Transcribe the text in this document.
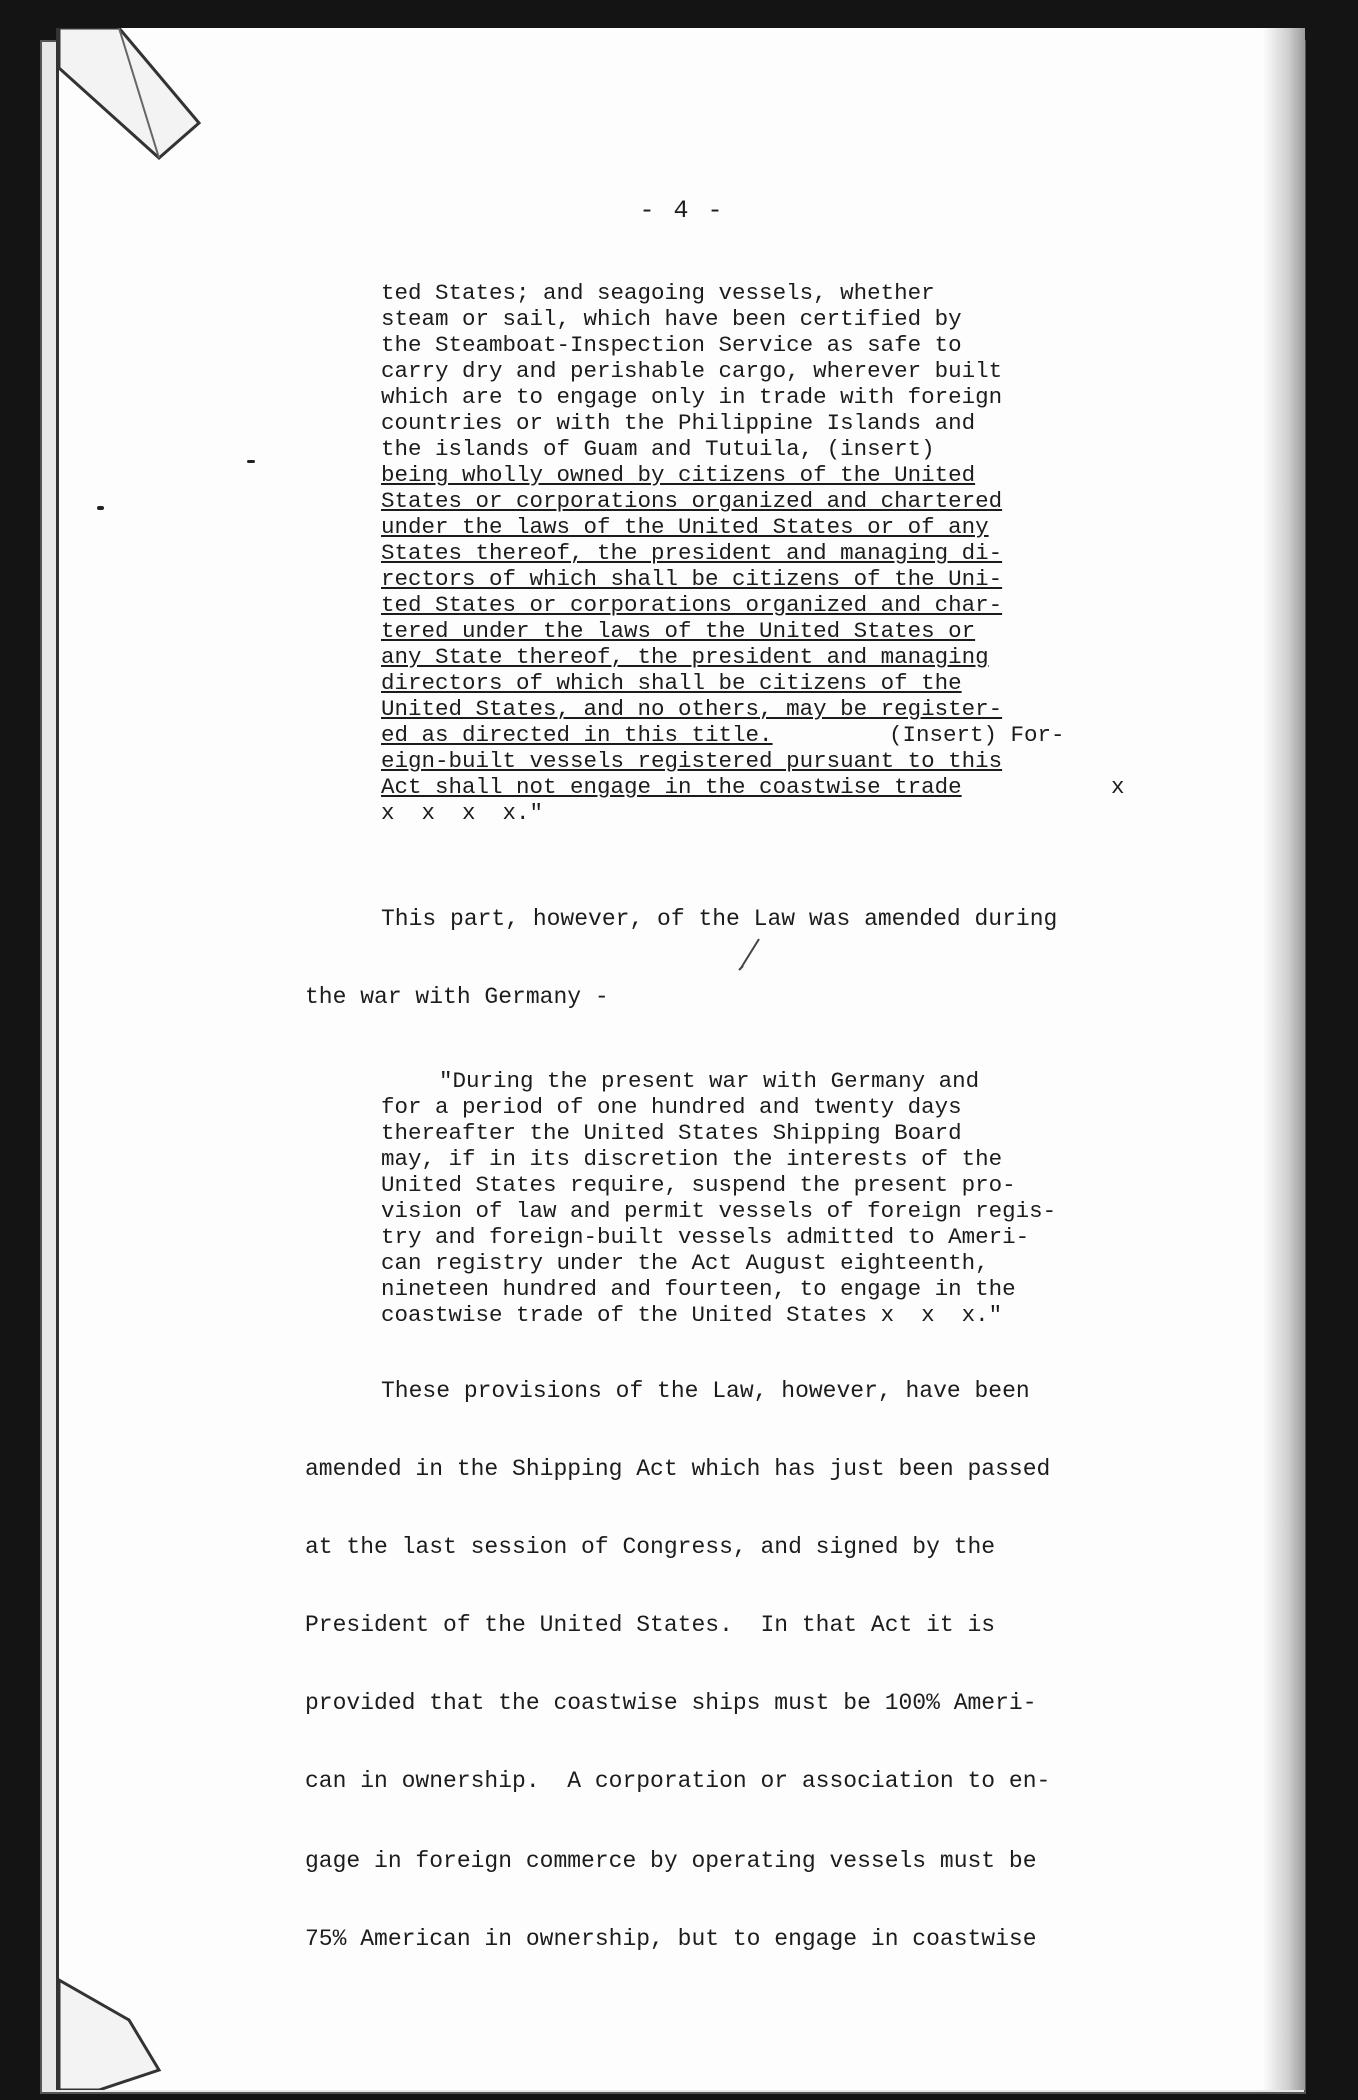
- 4 -
ted States; and seagoing vessels, whether
steam or sail, which have been certified by
the Steamboat-Inspection Service as safe to
carry dry and perishable cargo, wherever built
which are to engage only in trade with foreign
countries or with the Philippine Islands and
the islands of Guam and Tutuila, (insert)
being wholly owned by citizens of the United
States or corporations organized and chartered
under the laws of the United States or of any
States thereof, the president and managing di-
rectors of which shall be citizens of the Uni-
ted States or corporations organized and char-
tered under the laws of the United States or
any State thereof, the president and managing
directors of which shall be citizens of the
United States, and no others, may be register-
ed as directed in this title.	(Insert) For-
eign-built vessels registered pursuant to this
Act shall not engage in the coastwise trade	x
x  x  x  x."
This part, however, of the Law was amended during
the war with Germany -
"During the present war with Germany and
for a period of one hundred and twenty days
thereafter the United States Shipping Board
may, if in its discretion the interests of the
United States require, suspend the present pro-
vision of law and permit vessels of foreign regis-
try and foreign-built vessels admitted to Ameri-
can registry under the Act August eighteenth,
nineteen hundred and fourteen, to engage in the
coastwise trade of the United States x  x  x."
These provisions of the Law, however, have been
amended in the Shipping Act which has just been passed
at the last session of Congress, and signed by the
President of the United States.  In that Act it is
provided that the coastwise ships must be 100% Ameri-
can in ownership.  A corporation or association to en-
gage in foreign commerce by operating vessels must be
75% American in ownership, but to engage in coastwise
